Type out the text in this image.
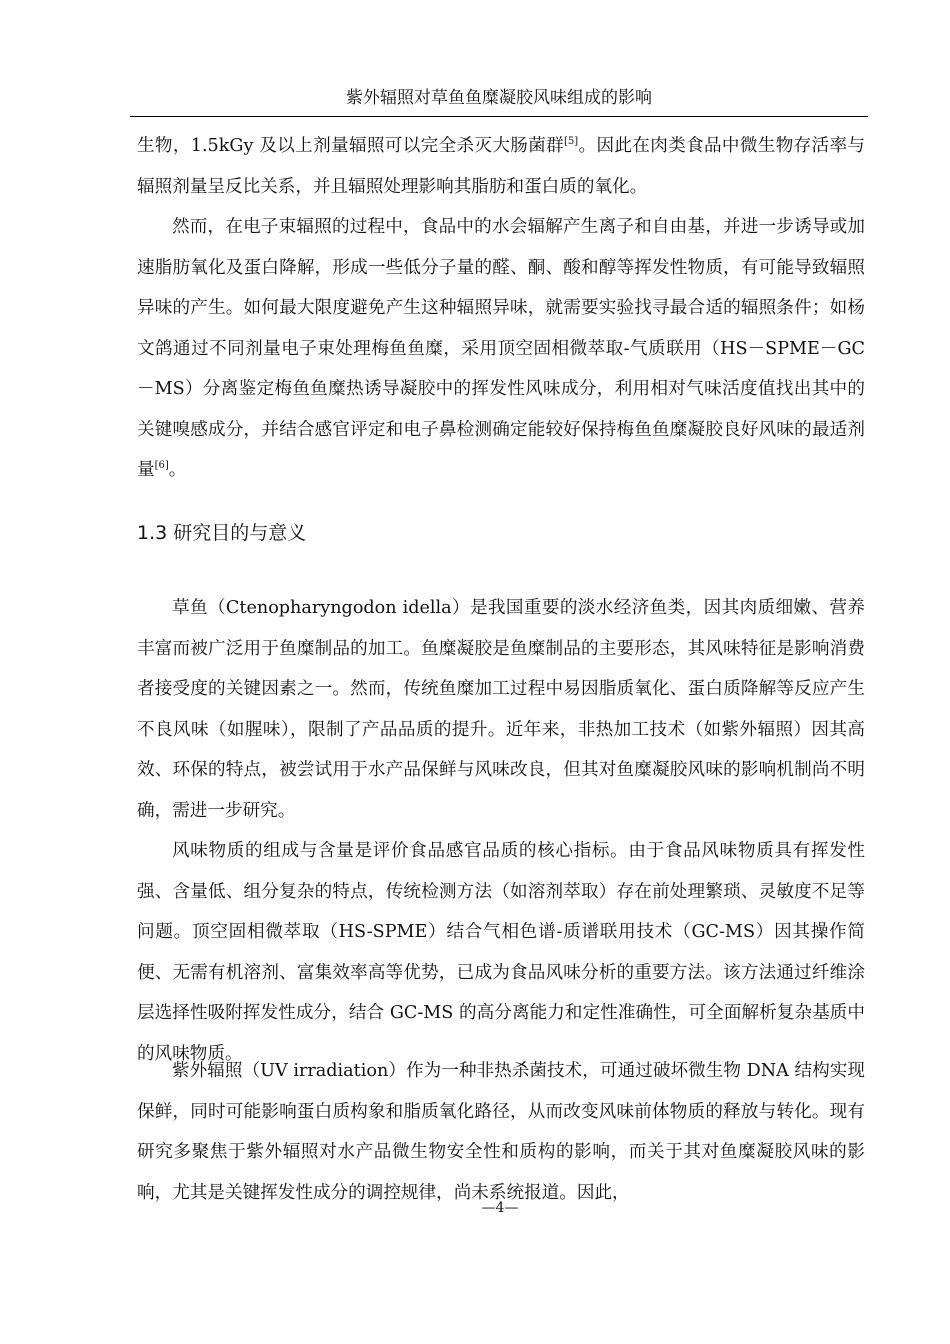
紫外辐照对草鱼鱼糜凝胶风味组成的影响

生物，1.5kGy 及以上剂量辐照可以完全杀灭大肠菌群[5]。因此在肉类食品中微生物存活率与辐照剂量呈反比关系，并且辐照处理影响其脂肪和蛋白质的氧化。

然而，在电子束辐照的过程中，食品中的水会辐解产生离子和自由基，并进一步诱导或加速脂肪氧化及蛋白降解，形成一些低分子量的醛、酮、酸和醇等挥发性物质，有可能导致辐照异味的产生。如何最大限度避免产生这种辐照异味，就需要实验找寻最合适的辐照条件；如杨文鸽通过不同剂量电子束处理梅鱼鱼糜，采用顶空固相微萃取-气质联用（HS－SPME－GC－MS）分离鉴定梅鱼鱼糜热诱导凝胶中的挥发性风味成分，利用相对气味活度值找出其中的关键嗅感成分，并结合感官评定和电子鼻检测确定能较好保持梅鱼鱼糜凝胶良好风味的最适剂量[6]。

1.3 研究目的与意义

草鱼（Ctenopharyngodon idella）是我国重要的淡水经济鱼类，因其肉质细嫩、营养丰富而被广泛用于鱼糜制品的加工。鱼糜凝胶是鱼糜制品的主要形态，其风味特征是影响消费者接受度的关键因素之一。然而，传统鱼糜加工过程中易因脂质氧化、蛋白质降解等反应产生不良风味（如腥味），限制了产品品质的提升。近年来，非热加工技术（如紫外辐照）因其高效、环保的特点，被尝试用于水产品保鲜与风味改良，但其对鱼糜凝胶风味的影响机制尚不明确，需进一步研究。

风味物质的组成与含量是评价食品感官品质的核心指标。由于食品风味物质具有挥发性强、含量低、组分复杂的特点，传统检测方法（如溶剂萃取）存在前处理繁琐、灵敏度不足等问题。顶空固相微萃取（HS-SPME）结合气相色谱-质谱联用技术（GC-MS）因其操作简便、无需有机溶剂、富集效率高等优势，已成为食品风味分析的重要方法。该方法通过纤维涂层选择性吸附挥发性成分，结合 GC-MS 的高分离能力和定性准确性，可全面解析复杂基质中的风味物质。

紫外辐照（UV irradiation）作为一种非热杀菌技术，可通过破坏微生物 DNA 结构实现保鲜，同时可能影响蛋白质构象和脂质氧化路径，从而改变风味前体物质的释放与转化。现有研究多聚焦于紫外辐照对水产品微生物安全性和质构的影响，而关于其对鱼糜凝胶风味的影响，尤其是关键挥发性成分的调控规律，尚未系统报道。因此，

—4—
